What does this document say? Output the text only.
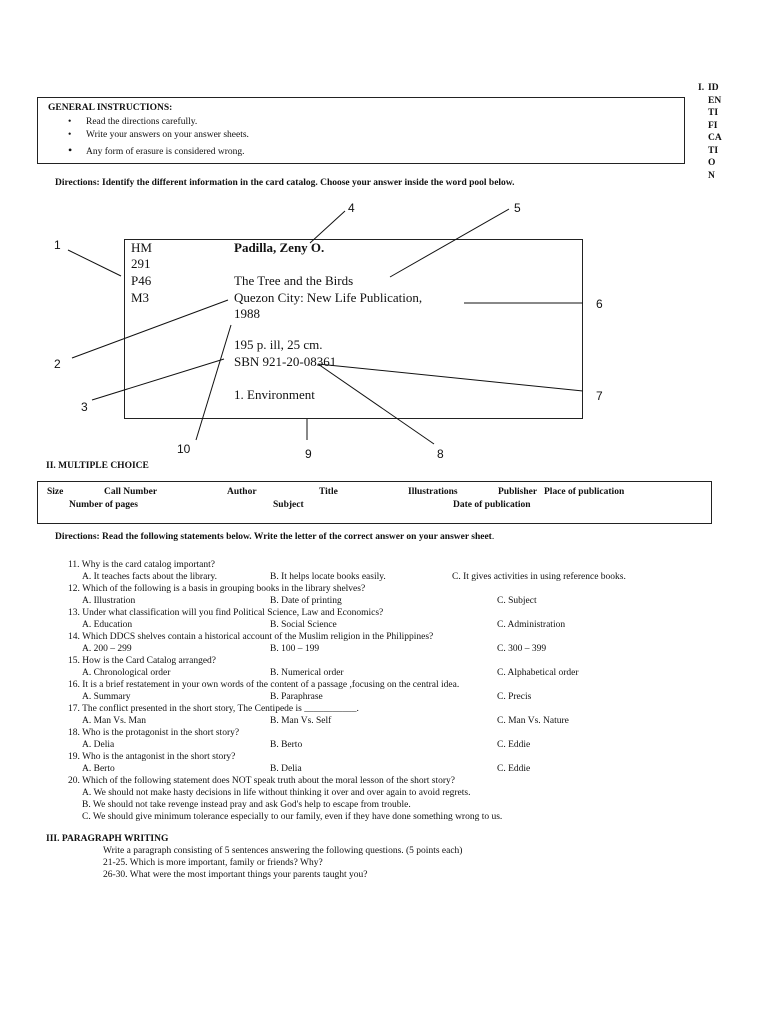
I. ID
EN
TI
FI
CA
TI
O
N
GENERAL INSTRUCTIONS:
• Read the directions carefully.
• Write your answers on your answer sheets.
• Any form of erasure is considered wrong.
Directions: Identify the different information in the card catalog. Choose your answer inside the word pool below.
HM
291
P46
M3
Padilla, Zeny O.
The Tree and the Birds
Quezon City: New Life Publication,
1988
195 p. ill, 25 cm.
SBN 921-20-08361
1. Environment
1
2
3
4	5
6
7
8
9
10
II. MULTIPLE CHOICE
Size	Call Number	Author	Title	Illustrations	Publisher Place of publication
Number of pages	Subject	Date of publication
Directions: Read the following statements below. Write the letter of the correct answer on your answer sheet.
11. Why is the card catalog important?
A. It teaches facts about the library.	B. It helps locate books easily.	C. It gives activities in using reference books.
12. Which of the following is a basis in grouping books in the library shelves?
A. Illustration	B. Date of printing	C. Subject
13. Under what classification will you find Political Science, Law and Economics?
A. Education	B. Social Science	C. Administration
14. Which DDCS shelves contain a historical account of the Muslim religion in the Philippines?
A. 200 – 299	B. 100 – 199	C. 300 – 399
15. How is the Card Catalog arranged?
A. Chronological order	B. Numerical order	C. Alphabetical order
16. It is a brief restatement in your own words of the content of a passage ,focusing on the central idea.
A. Summary	B. Paraphrase	C. Precis
17. The conflict presented in the short story, The Centipede is ___________.
A. Man Vs. Man	B. Man Vs. Self	C. Man Vs. Nature
18. Who is the protagonist in the short story?
A. Delia	B. Berto	C. Eddie
19. Who is the antagonist in the short story?
A. Berto	B. Delia	C. Eddie
20. Which of the following statement does NOT speak truth about the moral lesson of the short story?
A. We should not make hasty decisions in life without thinking it over and over again to avoid regrets.
B. We should not take revenge instead pray and ask God's help to escape from trouble.
C. We should give minimum tolerance especially to our family, even if they have done something wrong to us.
III. PARAGRAPH WRITING
Write a paragraph consisting of 5 sentences answering the following questions. (5 points each)
21-25. Which is more important, family or friends? Why?
26-30. What were the most important things your parents taught you?
